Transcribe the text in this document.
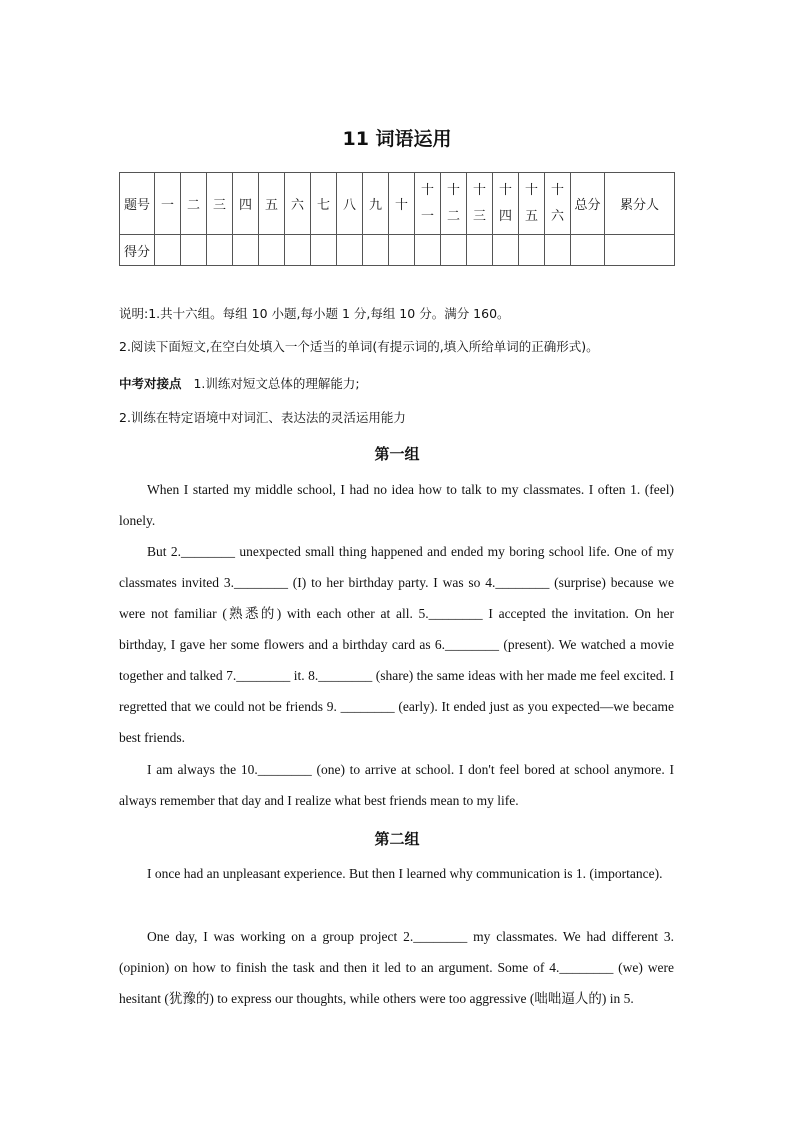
11 词语运用
题号	一	二	三	四	五	六	七	八	九	十	十一	十二	十三	十四	十五	十六	总分	累分人
得分																		

说明:1.共十六组。每组 10 小题,每小题 1 分,每组 10 分。满分 160。

2.阅读下面短文,在空白处填入一个适当的单词(有提示词的,填入所给单词的正确形式)。

中考对接点 1.训练对短文总体的理解能力;

2.训练在特定语境中对词汇、表达法的灵活运用能力

第一组

When I started my middle school, I had no idea how to talk to my classmates. I often 1. (feel) lonely.

But 2.________ unexpected small thing happened and ended my boring school life. One of my classmates invited 3.________ (I) to her birthday party. I was so 4.________ (surprise) because we were not familiar (熟悉的) with each other at all. 5.________ I accepted the invitation. On her birthday, I gave her some flowers and a birthday card as 6.________ (present). We watched a movie together and talked 7.________ it. 8.________ (share) the same ideas with her made me feel excited. I regretted that we could not be friends 9. ________ (early). It ended just as you expected—we became best friends.

I am always the 10.________ (one) to arrive at school. I don't feel bored at school anymore. I always remember that day and I realize what best friends mean to my life.

第二组

I once had an unpleasant experience. But then I learned why communication is 1. (importance).

One day, I was working on a group project 2.________ my classmates. We had different 3. (opinion) on how to finish the task and then it led to an argument. Some of 4.________ (we) were hesitant (犹豫的) to express our thoughts, while others were too aggressive (咄咄逼人的) in 5.
